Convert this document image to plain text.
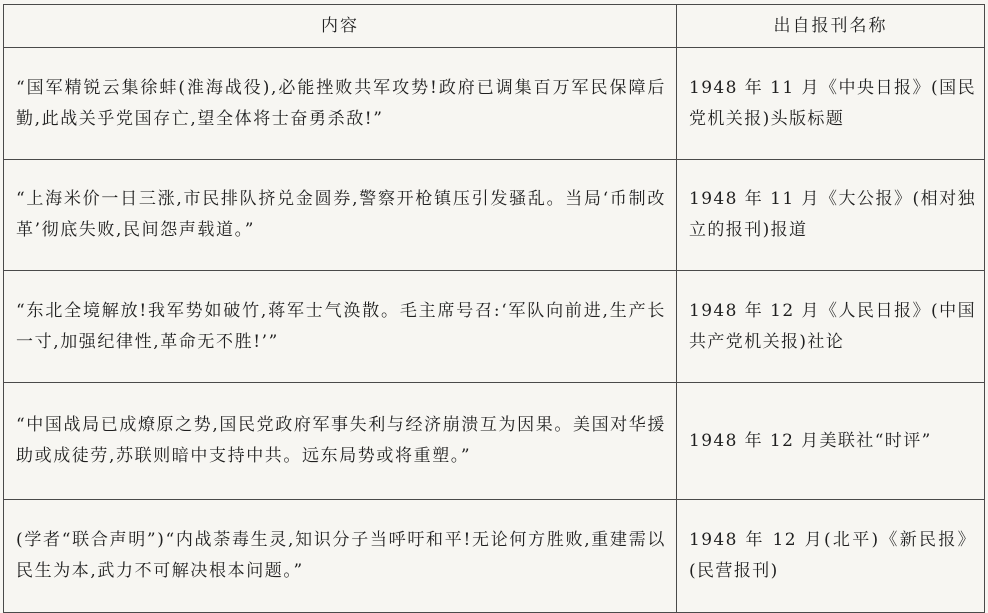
内容	出自报刊名称
“国军精锐云集徐蚌(淮海战役),必能挫败共军攻势!政府已调集百万军民保障后勤,此战关乎党国存亡,望全体将士奋勇杀敌!”	1948 年 11 月《中央日报》(国民党机关报)头版标题
“上海米价一日三涨,市民排队挤兑金圆券,警察开枪镇压引发骚乱。当局‘币制改革’彻底失败,民间怨声载道。”	1948 年 11 月《大公报》(相对独立的报刊)报道
“东北全境解放!我军势如破竹,蒋军士气涣散。毛主席号召:‘军队向前进,生产长一寸,加强纪律性,革命无不胜!’”	1948 年 12 月《人民日报》(中国共产党机关报)社论
“中国战局已成燎原之势,国民党政府军事失利与经济崩溃互为因果。美国对华援助或成徒劳,苏联则暗中支持中共。远东局势或将重塑。”	1948 年 12 月美联社“时评”
(学者“联合声明”)“内战荼毒生灵,知识分子当呼吁和平!无论何方胜败,重建需以民生为本,武力不可解决根本问题。”	1948 年 12 月(北平)《新民报》(民营报刊)
